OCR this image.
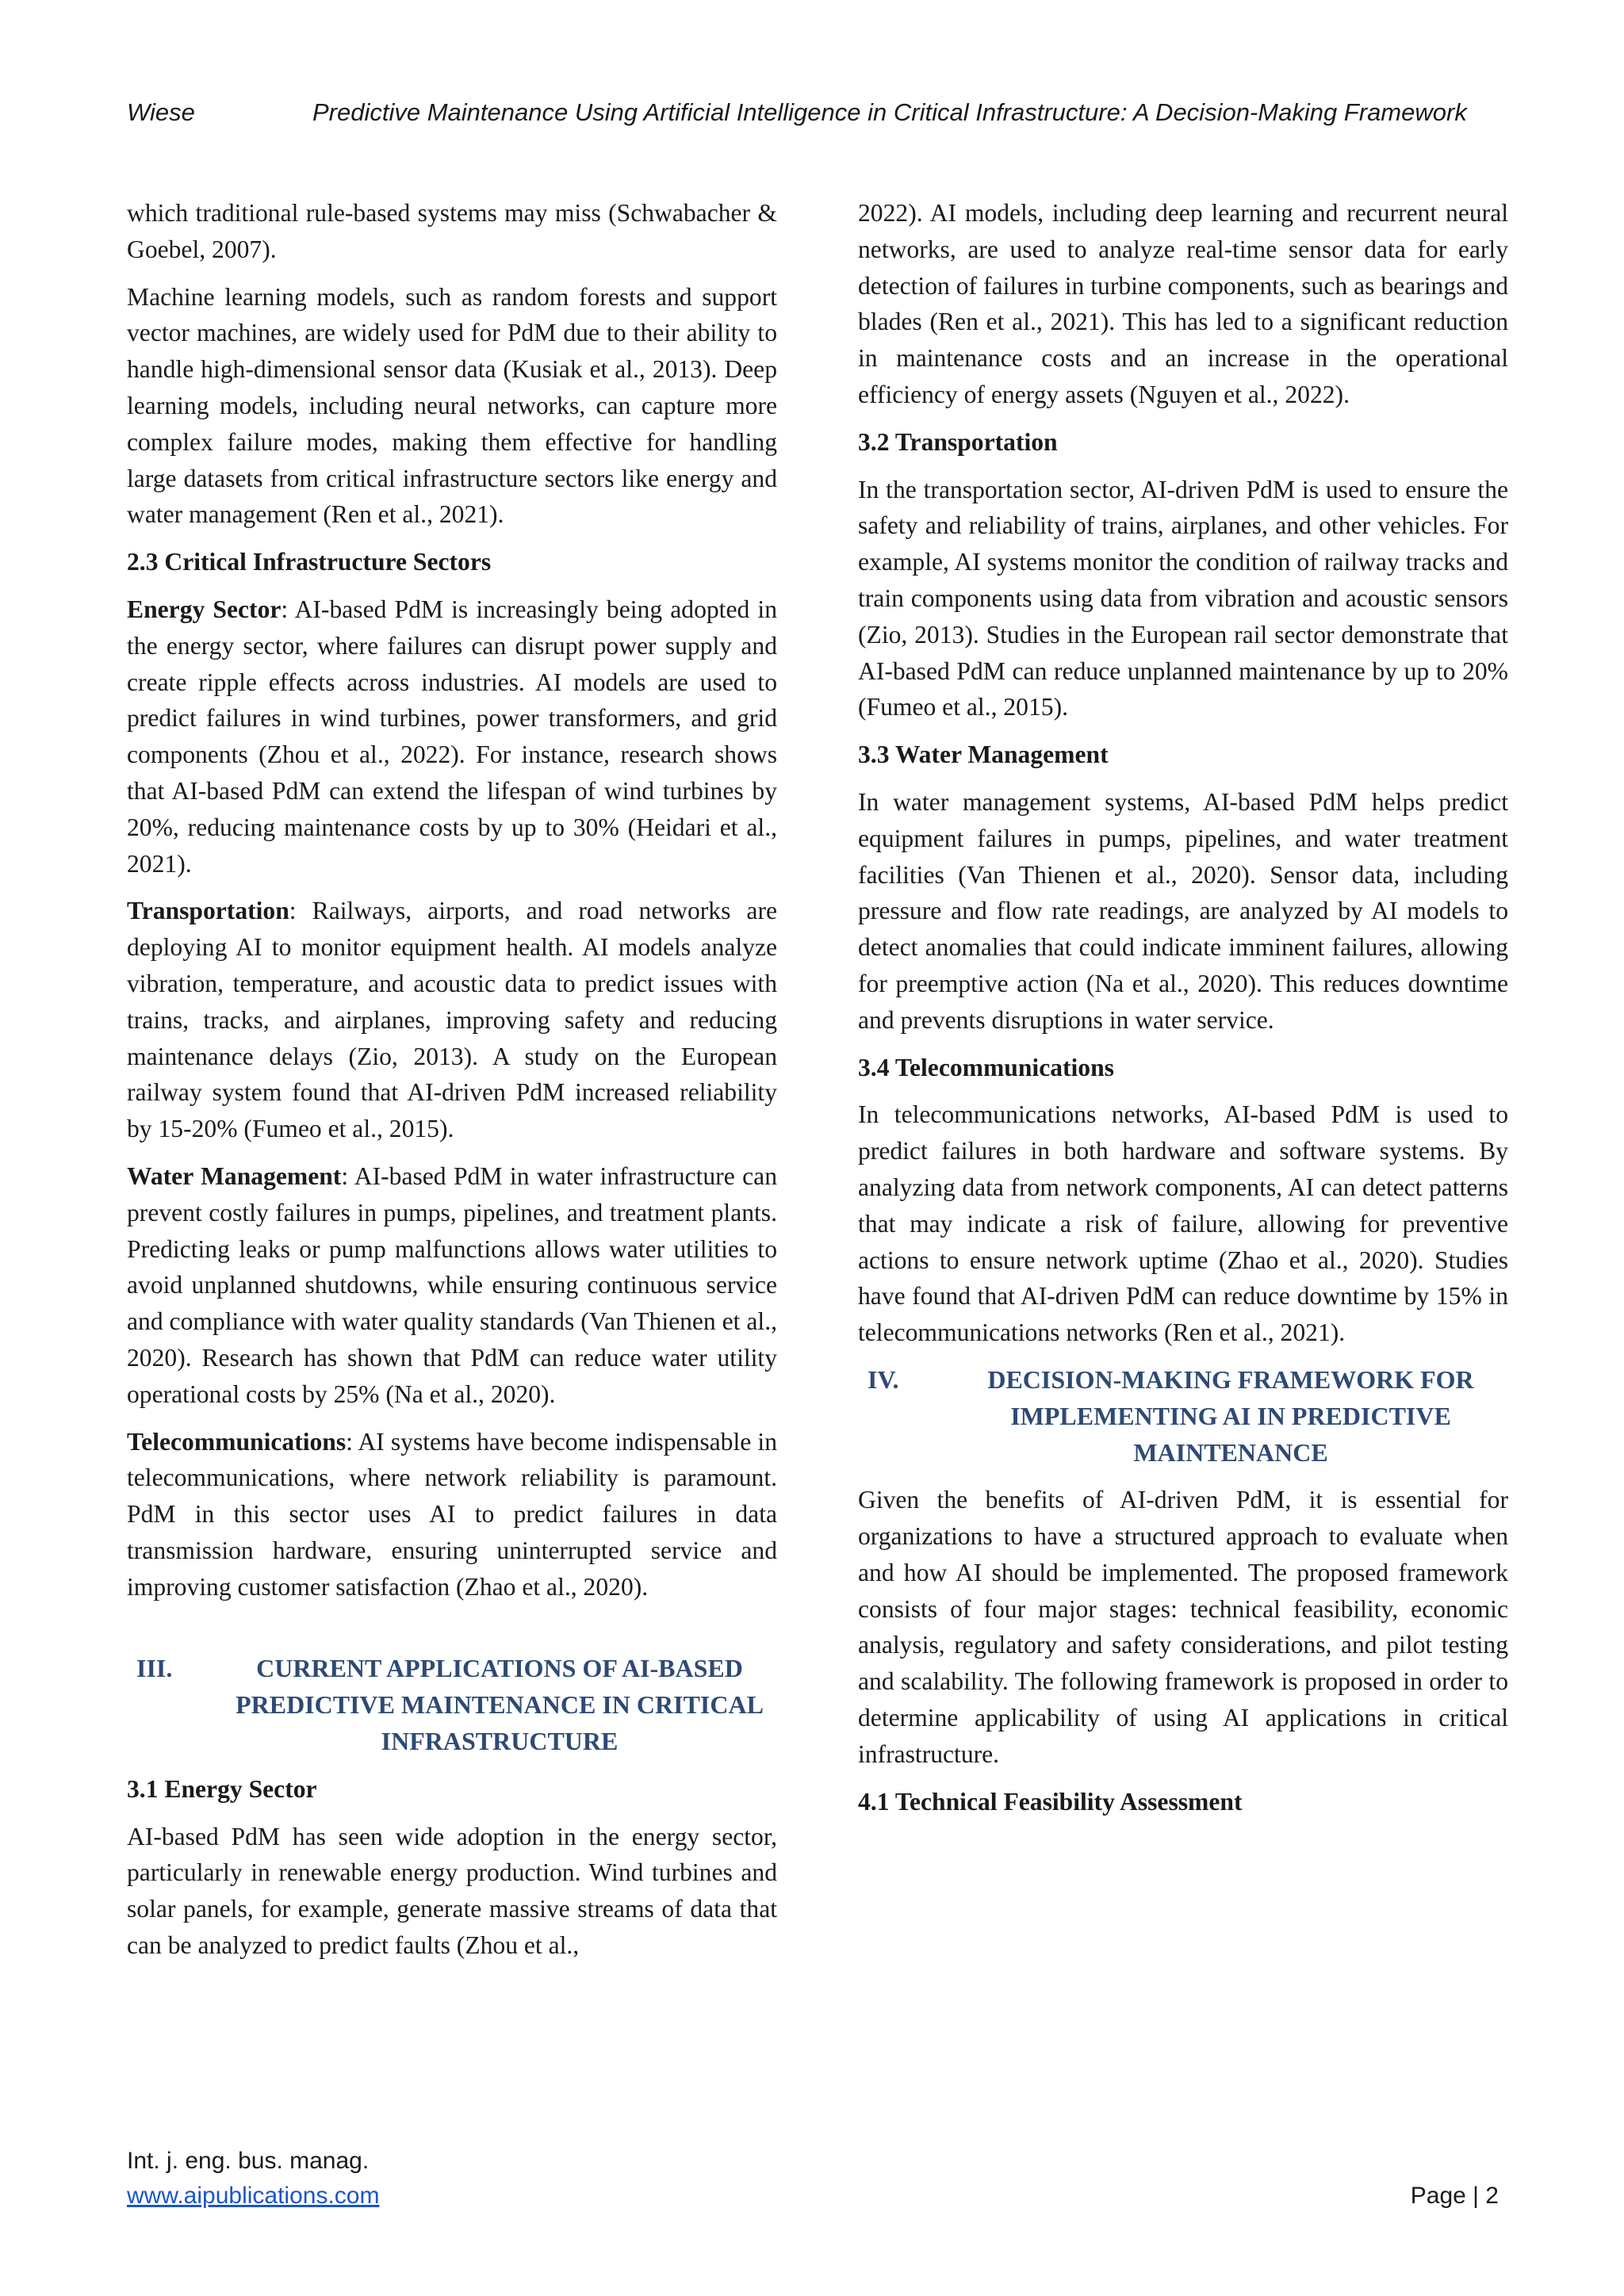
Wiese	Predictive Maintenance Using Artificial Intelligence in Critical Infrastructure: A Decision-Making Framework

which traditional rule-based systems may miss (Schwabacher & Goebel, 2007).

Machine learning models, such as random forests and support vector machines, are widely used for PdM due to their ability to handle high-dimensional sensor data (Kusiak et al., 2013). Deep learning models, including neural networks, can capture more complex failure modes, making them effective for handling large datasets from critical infrastructure sectors like energy and water management (Ren et al., 2021).

2.3 Critical Infrastructure Sectors

Energy Sector: AI-based PdM is increasingly being adopted in the energy sector, where failures can disrupt power supply and create ripple effects across industries. AI models are used to predict failures in wind turbines, power transformers, and grid components (Zhou et al., 2022). For instance, research shows that AI-based PdM can extend the lifespan of wind turbines by 20%, reducing maintenance costs by up to 30% (Heidari et al., 2021).

Transportation: Railways, airports, and road networks are deploying AI to monitor equipment health. AI models analyze vibration, temperature, and acoustic data to predict issues with trains, tracks, and airplanes, improving safety and reducing maintenance delays (Zio, 2013). A study on the European railway system found that AI-driven PdM increased reliability by 15-20% (Fumeo et al., 2015).

Water Management: AI-based PdM in water infrastructure can prevent costly failures in pumps, pipelines, and treatment plants. Predicting leaks or pump malfunctions allows water utilities to avoid unplanned shutdowns, while ensuring continuous service and compliance with water quality standards (Van Thienen et al., 2020). Research has shown that PdM can reduce water utility operational costs by 25% (Na et al., 2020).

Telecommunications: AI systems have become indispensable in telecommunications, where network reliability is paramount. PdM in this sector uses AI to predict failures in data transmission hardware, ensuring uninterrupted service and improving customer satisfaction (Zhao et al., 2020).

III.	CURRENT APPLICATIONS OF AI-BASED PREDICTIVE MAINTENANCE IN CRITICAL INFRASTRUCTURE
3.1 Energy Sector

AI-based PdM has seen wide adoption in the energy sector, particularly in renewable energy production. Wind turbines and solar panels, for example, generate massive streams of data that can be analyzed to predict faults (Zhou et al.,

2022). AI models, including deep learning and recurrent neural networks, are used to analyze real-time sensor data for early detection of failures in turbine components, such as bearings and blades (Ren et al., 2021). This has led to a significant reduction in maintenance costs and an increase in the operational efficiency of energy assets (Nguyen et al., 2022).

3.2 Transportation

In the transportation sector, AI-driven PdM is used to ensure the safety and reliability of trains, airplanes, and other vehicles. For example, AI systems monitor the condition of railway tracks and train components using data from vibration and acoustic sensors (Zio, 2013). Studies in the European rail sector demonstrate that AI-based PdM can reduce unplanned maintenance by up to 20% (Fumeo et al., 2015).

3.3 Water Management

In water management systems, AI-based PdM helps predict equipment failures in pumps, pipelines, and water treatment facilities (Van Thienen et al., 2020). Sensor data, including pressure and flow rate readings, are analyzed by AI models to detect anomalies that could indicate imminent failures, allowing for preemptive action (Na et al., 2020). This reduces downtime and prevents disruptions in water service.

3.4 Telecommunications

In telecommunications networks, AI-based PdM is used to predict failures in both hardware and software systems. By analyzing data from network components, AI can detect patterns that may indicate a risk of failure, allowing for preventive actions to ensure network uptime (Zhao et al., 2020). Studies have found that AI-driven PdM can reduce downtime by 15% in telecommunications networks (Ren et al., 2021).

IV.	DECISION-MAKING FRAMEWORK FOR IMPLEMENTING AI IN PREDICTIVE MAINTENANCE

Given the benefits of AI-driven PdM, it is essential for organizations to have a structured approach to evaluate when and how AI should be implemented. The proposed framework consists of four major stages: technical feasibility, economic analysis, regulatory and safety considerations, and pilot testing and scalability. The following framework is proposed in order to determine applicability of using AI applications in critical infrastructure.

4.1 Technical Feasibility Assessment
Int. j. eng. bus. manag.
www.aipublications.com	Page | 2
